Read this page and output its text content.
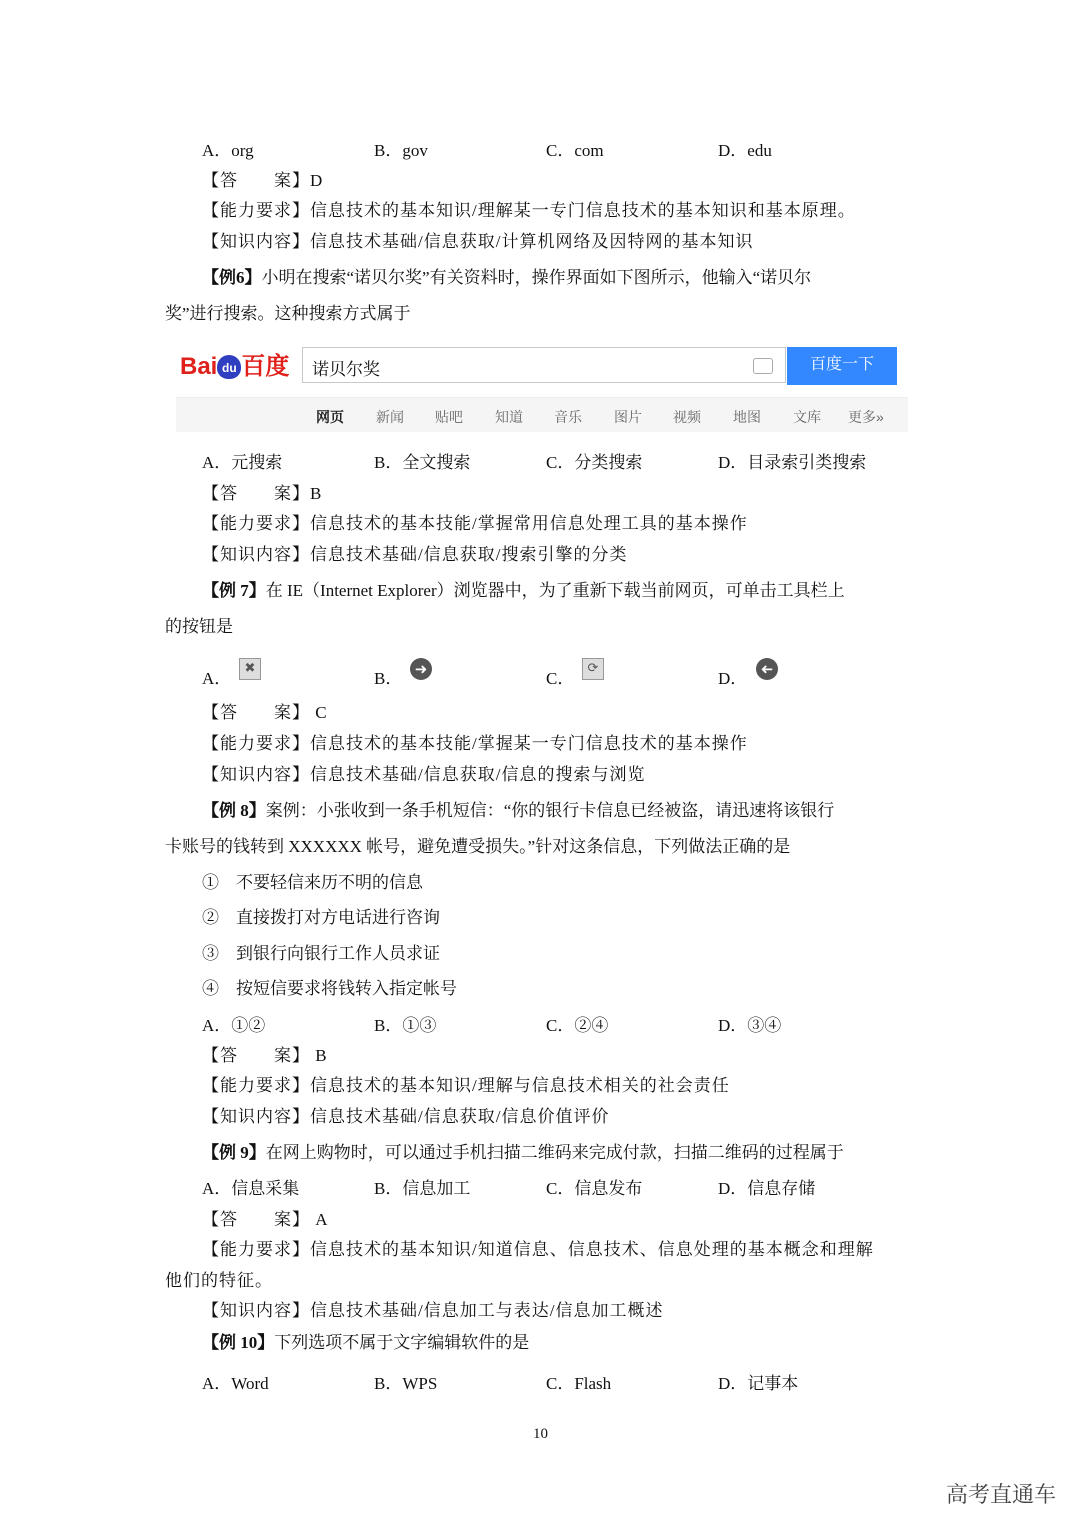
A．org	B．gov	C．com	D．edu
【答　　案】D
【能力要求】信息技术的基本知识/理解某一专门信息技术的基本知识和基本原理。
【知识内容】信息技术基础/信息获取/计算机网络及因特网的基本知识
【例6】小明在搜索“诺贝尔奖”有关资料时，操作界面如下图所示，他输入“诺贝尔
奖”进行搜索。这种搜索方式属于
Bai du 百度 诺贝尔奖	百度一下
网页 新闻 贴吧 知道 音乐 图片 视频 地图 文库 更多»
A．元搜索	B．全文搜索	C．分类搜索	D．目录索引类搜索
【答　　案】B
【能力要求】信息技术的基本技能/掌握常用信息处理工具的基本操作
【知识内容】信息技术基础/信息获取/搜索引擎的分类
【例 7】在 IE（Internet Explorer）浏览器中，为了重新下载当前网页，可单击工具栏上
的按钮是
A．
✖
B． ➜	C．
⟳
D． ➜
【答　　案】 C
【能力要求】信息技术的基本技能/掌握某一专门信息技术的基本操作
【知识内容】信息技术基础/信息获取/信息的搜索与浏览
【例 8】案例：小张收到一条手机短信：“你的银行卡信息已经被盗，请迅速将该银行
卡账号的钱转到 XXXXXX 帐号，避免遭受损失。”针对这条信息，下列做法正确的是
①　不要轻信来历不明的信息
②　直接拨打对方电话进行咨询
③　到银行向银行工作人员求证
④　按短信要求将钱转入指定帐号
A．①②	B．①③	C．②④	D．③④
【答　　案】 B
【能力要求】信息技术的基本知识/理解与信息技术相关的社会责任
【知识内容】信息技术基础/信息获取/信息价值评价
【例 9】在网上购物时，可以通过手机扫描二维码来完成付款，扫描二维码的过程属于
A．信息采集	B．信息加工	C．信息发布	D．信息存储
【答　　案】 A
【能力要求】信息技术的基本知识/知道信息、信息技术、信息处理的基本概念和理解
他们的特征。
【知识内容】信息技术基础/信息加工与表达/信息加工概述
【例 10】下列选项不属于文字编辑软件的是
A．Word	B．WPS	C．Flash	D．记事本
10
高考直通车
